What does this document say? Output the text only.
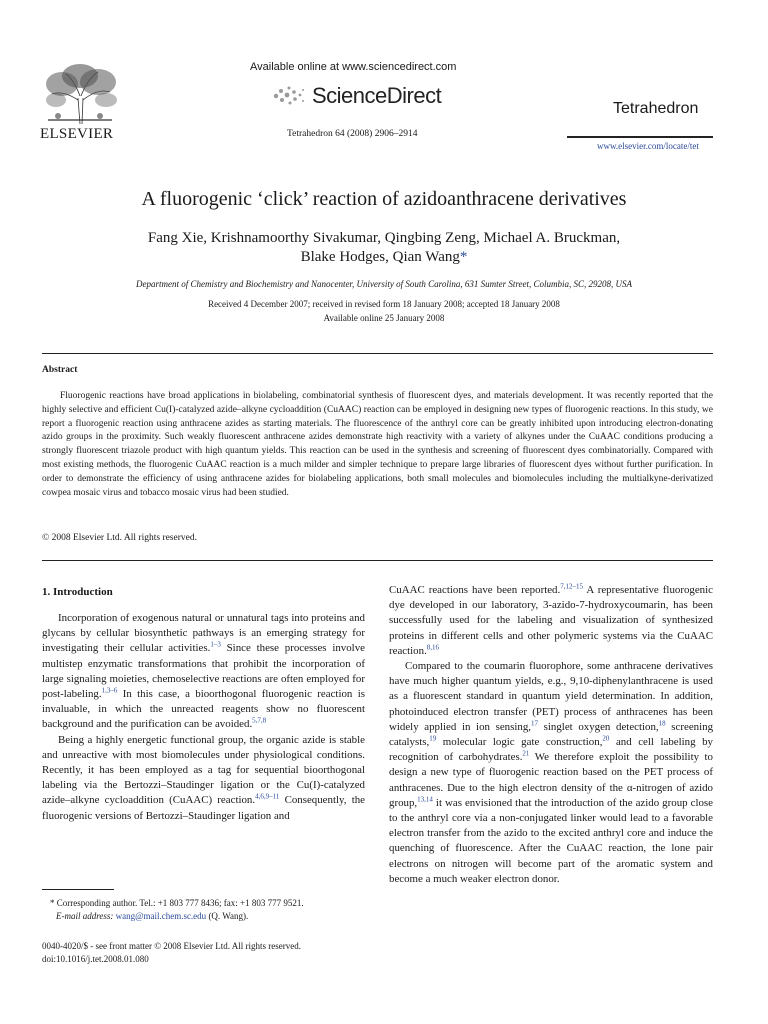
ELSEVIER
Available online at www.sciencedirect.com
ScienceDirect
Tetrahedron 64 (2008) 2906–2914
Tetrahedron
www.elsevier.com/locate/tet
A fluorogenic ‘click’ reaction of azidoanthracene derivatives
Fang Xie, Krishnamoorthy Sivakumar, Qingbing Zeng, Michael A. Bruckman,
Blake Hodges, Qian Wang*
Department of Chemistry and Biochemistry and Nanocenter, University of South Carolina, 631 Sumter Street, Columbia, SC, 29208, USA
Received 4 December 2007; received in revised form 18 January 2008; accepted 18 January 2008
Available online 25 January 2008
Abstract

Fluorogenic reactions have broad applications in biolabeling, combinatorial synthesis of fluorescent dyes, and materials development. It was recently reported that the highly selective and efficient Cu(I)-catalyzed azide–alkyne cycloaddition (CuAAC) reaction can be employed in designing new types of fluorogenic reactions. In this study, we report a fluorogenic reaction using anthracene azides as starting materials. The fluorescence of the anthryl core can be greatly inhibited upon introducing electron-donating azido groups in the proximity. Such weakly fluorescent anthracene azides demonstrate high reactivity with a variety of alkynes under the CuAAC conditions producing a strongly fluorescent triazole product with high quantum yields. This reaction can be used in the synthesis and screening of fluorescent dyes combinatorially. Compared with most existing methods, the fluorogenic CuAAC reaction is a much milder and simpler technique to prepare large libraries of fluorescent dyes without further purification. In order to demonstrate the efficiency of using anthracene azides for biolabeling applications, both small molecules and biomolecules including the multialkyne-derivatized cowpea mosaic virus and tobacco mosaic virus had been studied.

© 2008 Elsevier Ltd. All rights reserved.
1. Introduction

Incorporation of exogenous natural or unnatural tags into proteins and glycans by cellular biosynthetic pathways is an emerging strategy for investigating their cellular activities.$^{1-3}$ Since these processes involve multistep enzymatic transformations that prohibit the incorporation of large signaling moieties, chemoselective reactions are often employed for post-labeling.$^{1,3-6}$ In this case, a bioorthogonal fluorogenic reaction is invaluable, in which the unreacted reagents show no fluorescent background and the purification can be avoided.$^{5,7,8}$

Being a highly energetic functional group, the organic azide is stable and unreactive with most biomolecules under physiological conditions. Recently, it has been employed as a tag for sequential bioorthogonal labeling via the Bertozzi–Staudinger ligation or the Cu(I)-catalyzed azide–alkyne cycloaddition (CuAAC) reaction.$^{4,6,9-11}$ Consequently, the fluorogenic versions of Bertozzi–Staudinger ligation and

CuAAC reactions have been reported.$^{7,12-15}$ A representative fluorogenic dye developed in our laboratory, 3-azido-7-hydroxycoumarin, has been successfully used for the labeling and visualization of synthesized proteins in different cells and other polymeric systems via the CuAAC reaction.$^{8,16}$

Compared to the coumarin fluorophore, some anthracene derivatives have much higher quantum yields, e.g., 9,10-diphenylanthracene is used as a fluorescent standard in quantum yield determination. In addition, photoinduced electron transfer (PET) process of anthracenes has been widely applied in ion sensing,$^{17}$ singlet oxygen detection,$^{18}$ screening catalysts,$^{19}$ molecular logic gate construction,$^{20}$ and cell labeling by recognition of carbohydrates.$^{21}$ We therefore exploit the possibility to design a new type of fluorogenic reaction based on the PET process of anthracenes. Due to the high electron density of the α-nitrogen of azido group,$^{13,14}$ it was envisioned that the introduction of the azido group close to the anthryl core via a non-conjugated linker would lead to a favorable electron transfer from the azido to the excited anthryl core and induce the quenching of fluorescence. After the CuAAC reaction, the lone pair electrons on nitrogen will become part of the aromatic system and become a much weaker electron donor.

* Corresponding author. Tel.: +1 803 777 8436; fax: +1 803 777 9521.
E-mail address: wang@mail.chem.sc.edu (Q. Wang).
0040-4020/$ - see front matter © 2008 Elsevier Ltd. All rights reserved.
doi:10.1016/j.tet.2008.01.080
